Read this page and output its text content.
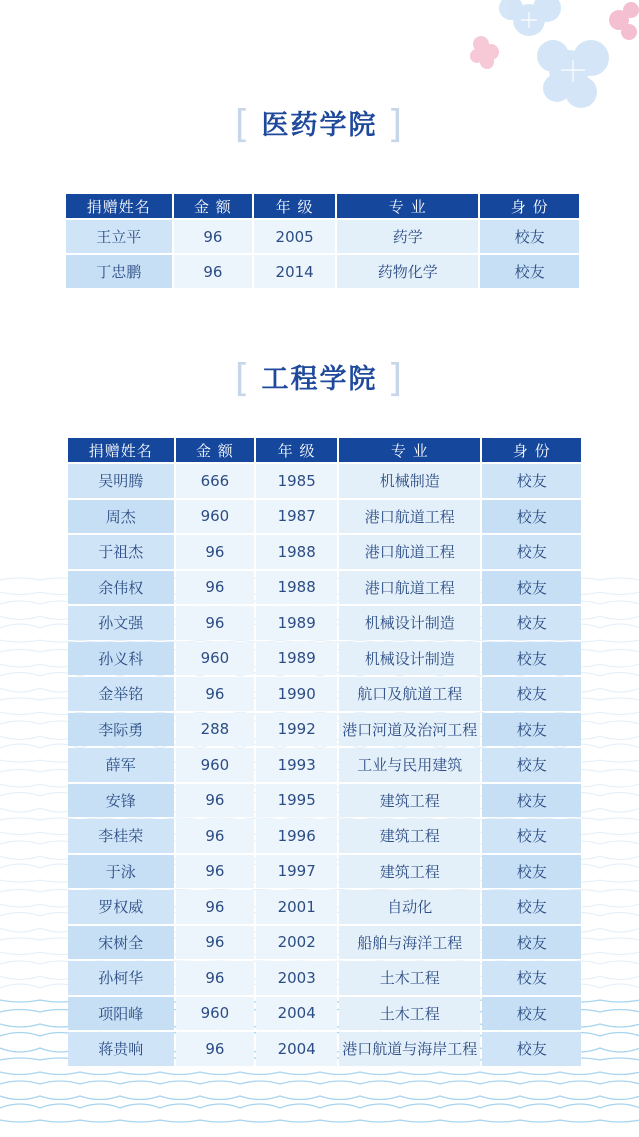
[ 医药学院 ]
捐赠姓名	金 额	年 级	专 业	身 份
王立平	96	2005	药学	校友
丁忠鹏	96	2014	药物化学	校友
[ 工程学院 ]
捐赠姓名	金 额	年 级	专 业	身 份
吴明腾	666	1985	机械制造	校友
周杰	960	1987	港口航道工程	校友
于祖杰	96	1988	港口航道工程	校友
余伟权	96	1988	港口航道工程	校友
孙文强	96	1989	机械设计制造	校友
孙义科	960	1989	机械设计制造	校友
金举铭	96	1990	航口及航道工程	校友
李际勇	288	1992	港口河道及治河工程	校友
薛军	960	1993	工业与民用建筑	校友
安锋	96	1995	建筑工程	校友
李桂荣	96	1996	建筑工程	校友
于泳	96	1997	建筑工程	校友
罗权威	96	2001	自动化	校友
宋树全	96	2002	船舶与海洋工程	校友
孙柯华	96	2003	土木工程	校友
项阳峰	960	2004	土木工程	校友
蒋贵响	96	2004	港口航道与海岸工程	校友
